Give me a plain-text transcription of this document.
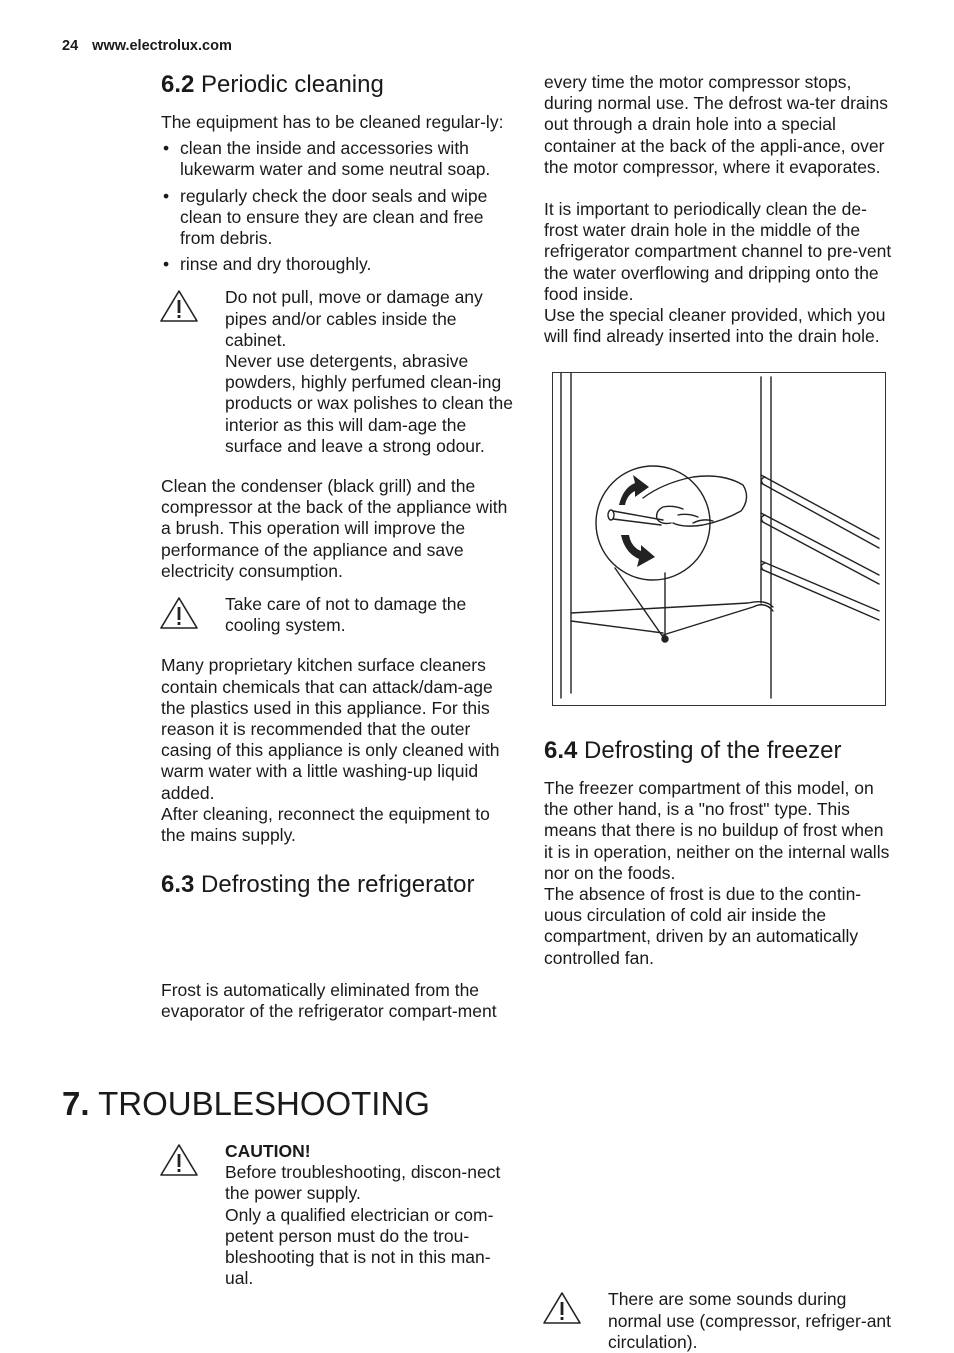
24 www.electrolux.com
6.2 Periodic cleaning

The equipment has to be cleaned regular-ly:

• clean the inside and accessories with lukewarm water and some neutral soap.
• regularly check the door seals and wipe clean to ensure they are clean and free from debris.
• rinse and dry thoroughly.

Do not pull, move or damage any pipes and/or cables inside the cabinet.

Never use detergents, abrasive powders, highly perfumed clean-ing products or wax polishes to clean the interior as this will dam-age the surface and leave a strong odour.

Clean the condenser (black grill) and the compressor at the back of the appliance with a brush. This operation will improve the performance of the appliance and save electricity consumption.

Take care of not to damage the cooling system.

Many proprietary kitchen surface cleaners contain chemicals that can attack/dam-age the plastics used in this appliance. For this reason it is recommended that the outer casing of this appliance is only cleaned with warm water with a little washing-up liquid added.

After cleaning, reconnect the equipment to the mains supply.

6.3 Defrosting the refrigerator

Frost is automatically eliminated from the evaporator of the refrigerator compart-ment

every time the motor compressor stops, during normal use. The defrost wa-ter drains out through a drain hole into a special container at the back of the appli-ance, over the motor compressor, where it evaporates.

It is important to periodically clean the de-frost water drain hole in the middle of the refrigerator compartment channel to pre-vent the water overflowing and dripping onto the food inside.

Use the special cleaner provided, which you will find already inserted into the drain hole.

6.4 Defrosting of the freezer

The freezer compartment of this model, on the other hand, is a "no frost" type. This means that there is no buildup of frost when it is in operation, neither on the internal walls nor on the foods.

The absence of frost is due to the contin-uous circulation of cold air inside the compartment, driven by an automatically controlled fan.

7. TROUBLESHOOTING

CAUTION!

Before troubleshooting, discon-nect the power supply.

Only a qualified electrician or com-petent person must do the trou-bleshooting that is not in this man-ual.

There are some sounds during normal use (compressor, refriger-ant circulation).
